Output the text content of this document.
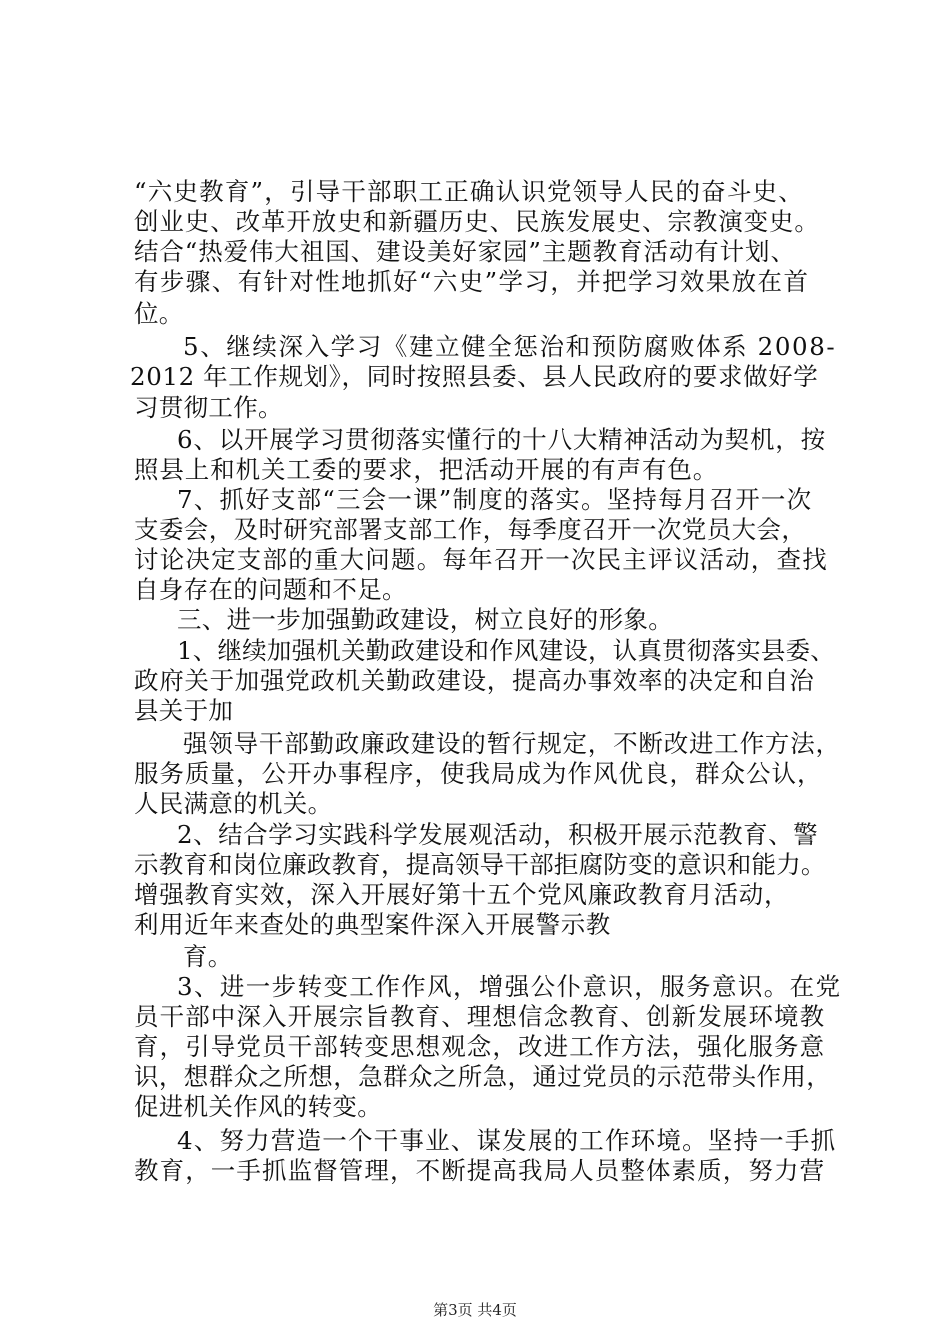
“六史教育”，引导干部职工正确认识党领导人民的奋斗史、
创业史、改革开放史和新疆历史、民族发展史、宗教演变史。
结合“热爱伟大祖国、建设美好家园”主题教育活动有计划、
有步骤、有针对性地抓好“六史”学习，并把学习效果放在首
位。
5、继续深入学习《建立健全惩治和预防腐败体系 2008-
2012 年工作规划》，同时按照县委、县人民政府的要求做好学
习贯彻工作。
6、以开展学习贯彻落实懂行的十八大精神活动为契机，按
照县上和机关工委的要求，把活动开展的有声有色。
7、抓好支部“三会一课”制度的落实。坚持每月召开一次
支委会，及时研究部署支部工作，每季度召开一次党员大会，
讨论决定支部的重大问题。每年召开一次民主评议活动，查找
自身存在的问题和不足。
三、进一步加强勤政建设，树立良好的形象。
1、继续加强机关勤政建设和作风建设，认真贯彻落实县委、
政府关于加强党政机关勤政建设，提高办事效率的决定和自治
县关于加
强领导干部勤政廉政建设的暂行规定，不断改进工作方法，
服务质量，公开办事程序，使我局成为作风优良，群众公认，
人民满意的机关。
2、结合学习实践科学发展观活动，积极开展示范教育、警
示教育和岗位廉政教育，提高领导干部拒腐防变的意识和能力。
增强教育实效，深入开展好第十五个党风廉政教育月活动，
利用近年来查处的典型案件深入开展警示教
育。
3、进一步转变工作作风，增强公仆意识，服务意识。在党
员干部中深入开展宗旨教育、理想信念教育、创新发展环境教
育，引导党员干部转变思想观念，改进工作方法，强化服务意
识，想群众之所想，急群众之所急，通过党员的示范带头作用，
促进机关作风的转变。
4、努力营造一个干事业、谋发展的工作环境。坚持一手抓
教育，一手抓监督管理，不断提高我局人员整体素质，努力营
第3页 共4页
